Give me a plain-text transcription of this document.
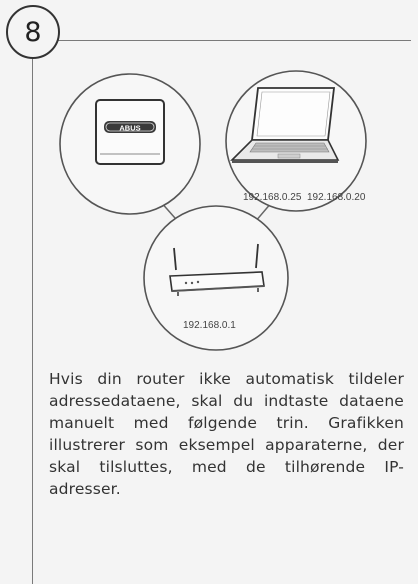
8
ABUS
192.168.0.25 192.168.0.20
192.168.0.1

Hvis din router ikke automatisk tildeler adressedataene, skal du indtaste dataene manuelt med følgende trin. Grafikken illustrerer som eksempel apparaterne, der skal tilsluttes, med de tilhørende IP-adresser.
